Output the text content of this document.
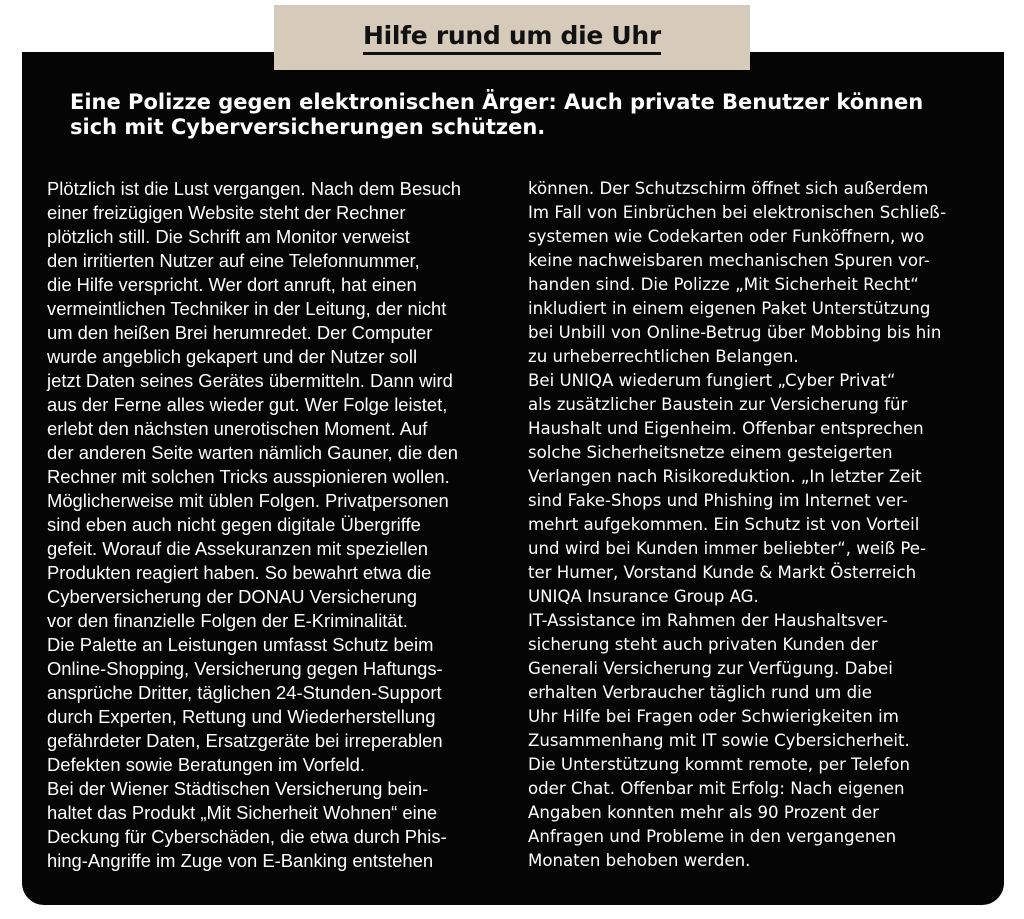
Hilfe rund um die Uhr
Eine Polizze gegen elektronischen Ärger: Auch private Benutzer können sich mit Cyberversicherungen schützen.
Plötzlich ist die Lust vergangen. Nach dem Besuch
einer freizügigen Website steht der Rechner
plötzlich still. Die Schrift am Monitor verweist
den irritierten Nutzer auf eine Telefonnummer,
die Hilfe verspricht. Wer dort anruft, hat einen
vermeintlichen Techniker in der Leitung, der nicht
um den heißen Brei herumredet. Der Computer
wurde angeblich gekapert und der Nutzer soll
jetzt Daten seines Gerätes übermitteln. Dann wird
aus der Ferne alles wieder gut. Wer Folge leistet,
erlebt den nächsten unerotischen Moment. Auf
der anderen Seite warten nämlich Gauner, die den
Rechner mit solchen Tricks ausspionieren wollen.
Möglicherweise mit üblen Folgen. Privatpersonen
sind eben auch nicht gegen digitale Übergriffe
gefeit. Worauf die Assekuranzen mit speziellen
Produkten reagiert haben. So bewahrt etwa die
Cyberversicherung der DONAU Versicherung
vor den finanzielle Folgen der E-Kriminalität.
Die Palette an Leistungen umfasst Schutz beim
Online-Shopping, Versicherung gegen Haftungs-
ansprüche Dritter, täglichen 24-Stunden-Support
durch Experten, Rettung und Wiederherstellung
gefährdeter Daten, Ersatzgeräte bei irreperablen
Defekten sowie Beratungen im Vorfeld.
Bei der Wiener Städtischen Versicherung bein-
haltet das Produkt „Mit Sicherheit Wohnen“ eine
Deckung für Cyberschäden, die etwa durch Phis-
hing-Angriffe im Zuge von E-Banking entstehen
können. Der Schutzschirm öffnet sich außerdem
Im Fall von Einbrüchen bei elektronischen Schließ-
systemen wie Codekarten oder Funköffnern, wo
keine nachweisbaren mechanischen Spuren vor-
handen sind. Die Polizze „Mit Sicherheit Recht“
inkludiert in einem eigenen Paket Unterstützung
bei Unbill von Online-Betrug über Mobbing bis hin
zu urheberrechtlichen Belangen.
Bei UNIQA wiederum fungiert „Cyber Privat“
als zusätzlicher Baustein zur Versicherung für
Haushalt und Eigenheim. Offenbar entsprechen
solche Sicherheitsnetze einem gesteigerten
Verlangen nach Risikoreduktion. „In letzter Zeit
sind Fake-Shops und Phishing im Internet ver-
mehrt aufgekommen. Ein Schutz ist von Vorteil
und wird bei Kunden immer beliebter“, weiß Pe-
ter Humer, Vorstand Kunde & Markt Österreich
UNIQA Insurance Group AG.
IT-Assistance im Rahmen der Haushaltsver-
sicherung steht auch privaten Kunden der
Generali Versicherung zur Verfügung. Dabei
erhalten Verbraucher täglich rund um die
Uhr Hilfe bei Fragen oder Schwierigkeiten im
Zusammenhang mit IT sowie Cybersicherheit.
Die Unterstützung kommt remote, per Telefon
oder Chat. Offenbar mit Erfolg: Nach eigenen
Angaben konnten mehr als 90 Prozent der
Anfragen und Probleme in den vergangenen
Monaten behoben werden.
